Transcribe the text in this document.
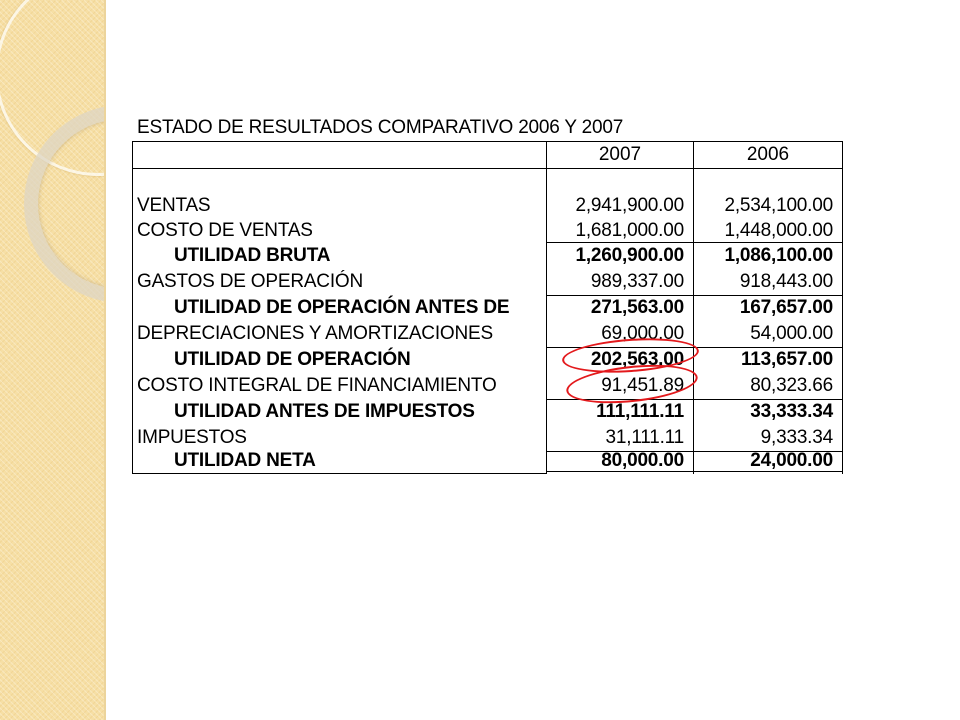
ESTADO DE RESULTADOS COMPARATIVO 2006 Y 2007
2007	2006
VENTAS	2,941,900.00	2,534,100.00
COSTO DE VENTAS	1,681,000.00	1,448,000.00
UTILIDAD BRUTA	1,260,900.00	1,086,100.00
GASTOS DE OPERACIÓN	989,337.00	918,443.00
UTILIDAD DE OPERACIÓN ANTES DE	271,563.00	167,657.00
DEPRECIACIONES Y AMORTIZACIONES	69,000.00	54,000.00
UTILIDAD DE OPERACIÓN	202,563.00	113,657.00
COSTO INTEGRAL DE FINANCIAMIENTO	91,451.89	80,323.66
UTILIDAD ANTES DE IMPUESTOS	111,111.11	33,333.34
IMPUESTOS	31,111.11	9,333.34
UTILIDAD NETA	80,000.00	24,000.00
